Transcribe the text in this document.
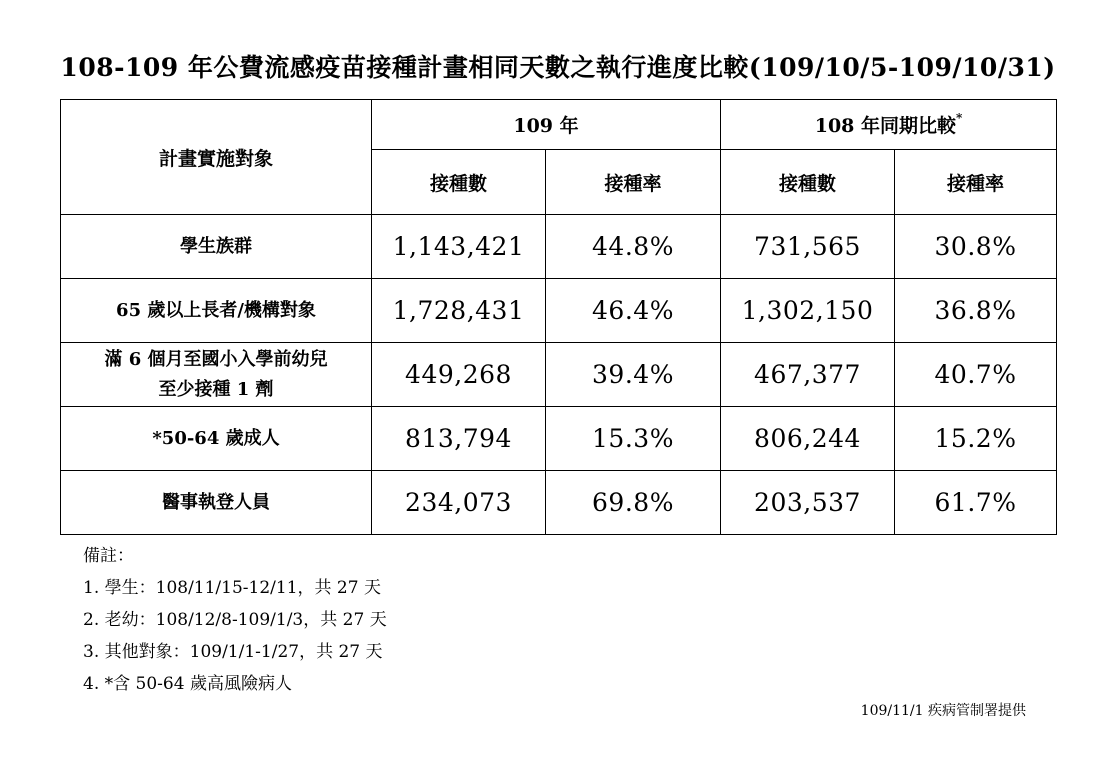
108-109 年公費流感疫苗接種計畫相同天數之執行進度比較(109/10/5-109/10/31)
計畫實施對象	109 年		108 年同期比較*
	接種數	接種率	接種數	接種率
學生族群	1,143,421	44.8%	731,565	30.8%
65 歲以上長者/機構對象	1,728,431	46.4%	1,302,150	36.8%

滿 6 個月至國小入學前幼兒
至少接種 1 劑	449,268	39.4%	467,377	40.7%
*50-64 歲成人	813,794	15.3%	806,244	15.2%
醫事執登人員	234,073	69.8%	203,537	61.7%
備註：
1. 學生：108/11/15-12/11，共 27 天
2. 老幼：108/12/8-109/1/3，共 27 天
3. 其他對象：109/1/1-1/27，共 27 天
4. *含 50-64 歲高風險病人
109/11/1 疾病管制署提供
